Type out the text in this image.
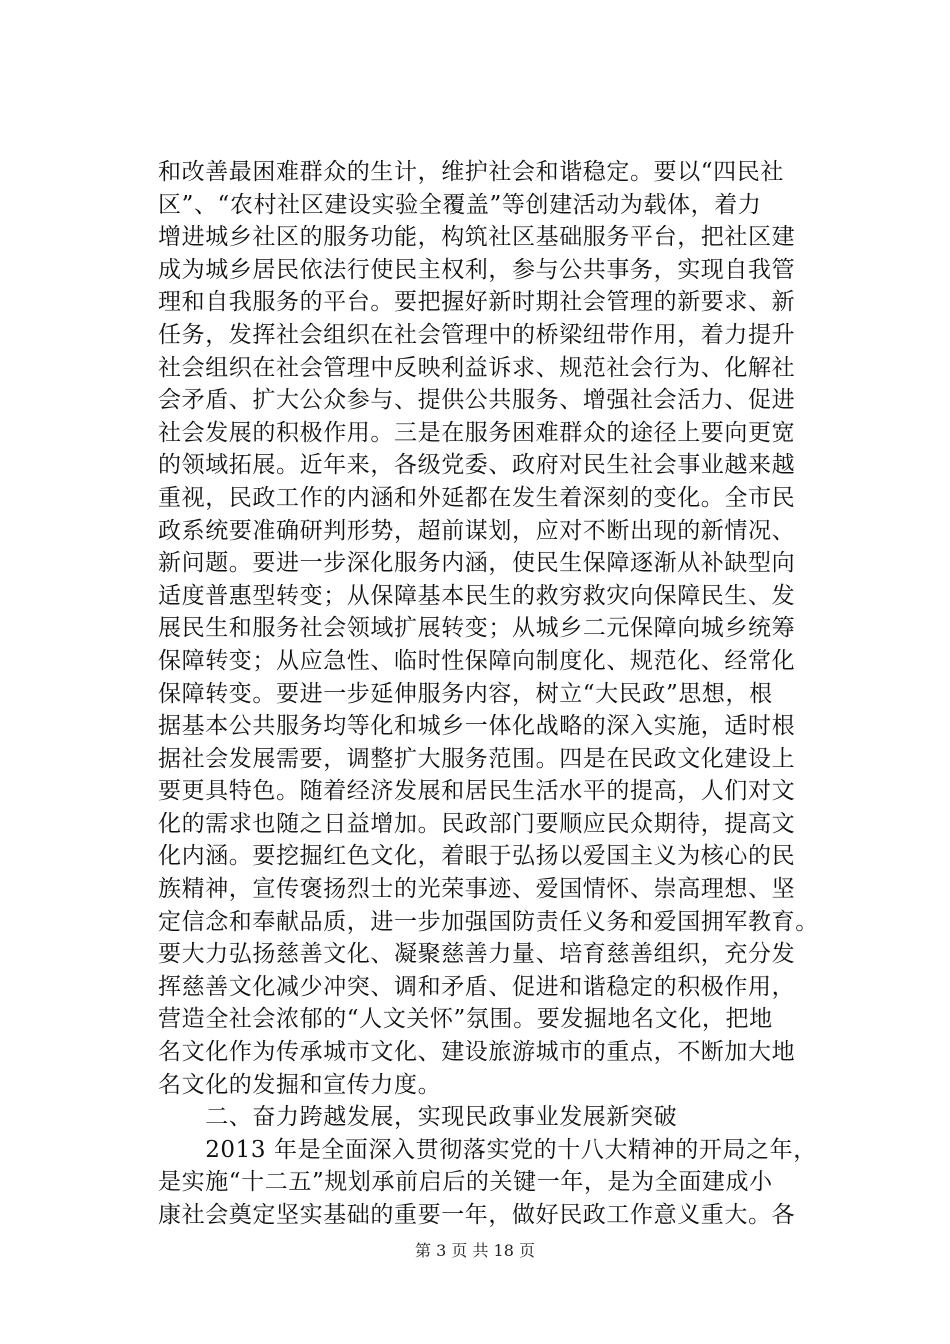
和改善最困难群众的生计，维护社会和谐稳定。要以“四民社
区”、“农村社区建设实验全覆盖”等创建活动为载体，着力
增进城乡社区的服务功能，构筑社区基础服务平台，把社区建
成为城乡居民依法行使民主权利，参与公共事务，实现自我管
理和自我服务的平台。要把握好新时期社会管理的新要求、新
任务，发挥社会组织在社会管理中的桥梁纽带作用，着力提升
社会组织在社会管理中反映利益诉求、规范社会行为、化解社
会矛盾、扩大公众参与、提供公共服务、增强社会活力、促进
社会发展的积极作用。三是在服务困难群众的途径上要向更宽
的领域拓展。近年来，各级党委、政府对民生社会事业越来越
重视，民政工作的内涵和外延都在发生着深刻的变化。全市民
政系统要准确研判形势，超前谋划，应对不断出现的新情况、
新问题。要进一步深化服务内涵，使民生保障逐渐从补缺型向
适度普惠型转变；从保障基本民生的救穷救灾向保障民生、发
展民生和服务社会领域扩展转变；从城乡二元保障向城乡统筹
保障转变；从应急性、临时性保障向制度化、规范化、经常化
保障转变。要进一步延伸服务内容，树立“大民政”思想，根
据基本公共服务均等化和城乡一体化战略的深入实施，适时根
据社会发展需要，调整扩大服务范围。四是在民政文化建设上
要更具特色。随着经济发展和居民生活水平的提高，人们对文
化的需求也随之日益增加。民政部门要顺应民众期待，提高文
化内涵。要挖掘红色文化，着眼于弘扬以爱国主义为核心的民
族精神，宣传褒扬烈士的光荣事迹、爱国情怀、崇高理想、坚
定信念和奉献品质，进一步加强国防责任义务和爱国拥军教育。
要大力弘扬慈善文化、凝聚慈善力量、培育慈善组织，充分发
挥慈善文化减少冲突、调和矛盾、促进和谐稳定的积极作用，
营造全社会浓郁的“人文关怀”氛围。要发掘地名文化，把地
名文化作为传承城市文化、建设旅游城市的重点，不断加大地
名文化的发掘和宣传力度。
　　二、奋力跨越发展，实现民政事业发展新突破
　　2013 年是全面深入贯彻落实党的十八大精神的开局之年，
是实施“十二五”规划承前启后的关键一年，是为全面建成小
康社会奠定坚实基础的重要一年，做好民政工作意义重大。各
第 3 页 共 18 页
